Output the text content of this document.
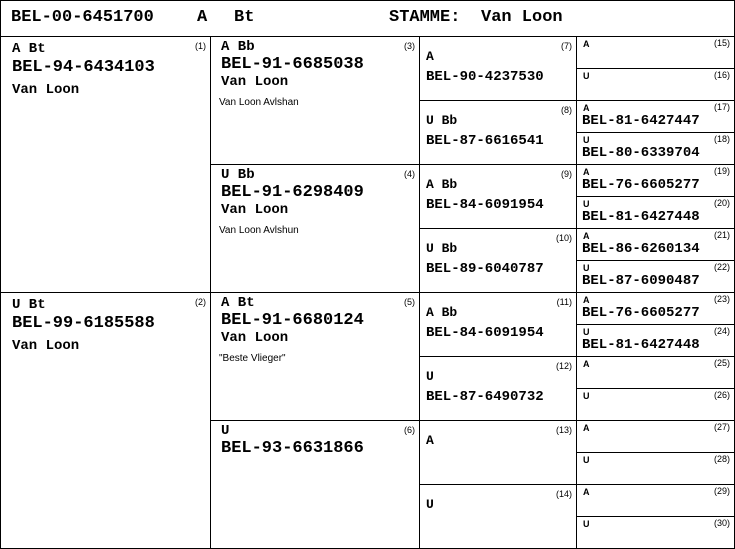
BEL-00-6451700	A Bt	STAMME: Van Loon
(1)
A Bt
BEL-94-6434103
Van Loon
(2)
U Bt
BEL-99-6185588
Van Loon
(3)
A Bb
BEL-91-6685038
Van Loon
Van Loon Avlshan
(4)
U Bb
BEL-91-6298409
Van Loon
Van Loon Avlshun
(5)
A Bt
BEL-91-6680124
Van Loon
"Beste Vlieger"
(6)
U
BEL-93-6631866
(7)
A
BEL-90-4237530
(8)
U Bb
BEL-87-6616541
(9)
A Bb
BEL-84-6091954
(10)
U Bb
BEL-89-6040787
(11)
A Bb
BEL-84-6091954
(12)
U
BEL-87-6490732
(13)
A
(14)
U
(15)
A
(16)
U
(17)
A
BEL-81-6427447
(18)
U
BEL-80-6339704
(19)
A
BEL-76-6605277
(20)
U
BEL-81-6427448
(21)
A
BEL-86-6260134
(22)
U
BEL-87-6090487
(23)
A
BEL-76-6605277
(24)
U
BEL-81-6427448
(25)
A
(26)
U
(27)
A
(28)
U
(29)
A
(30)
U
